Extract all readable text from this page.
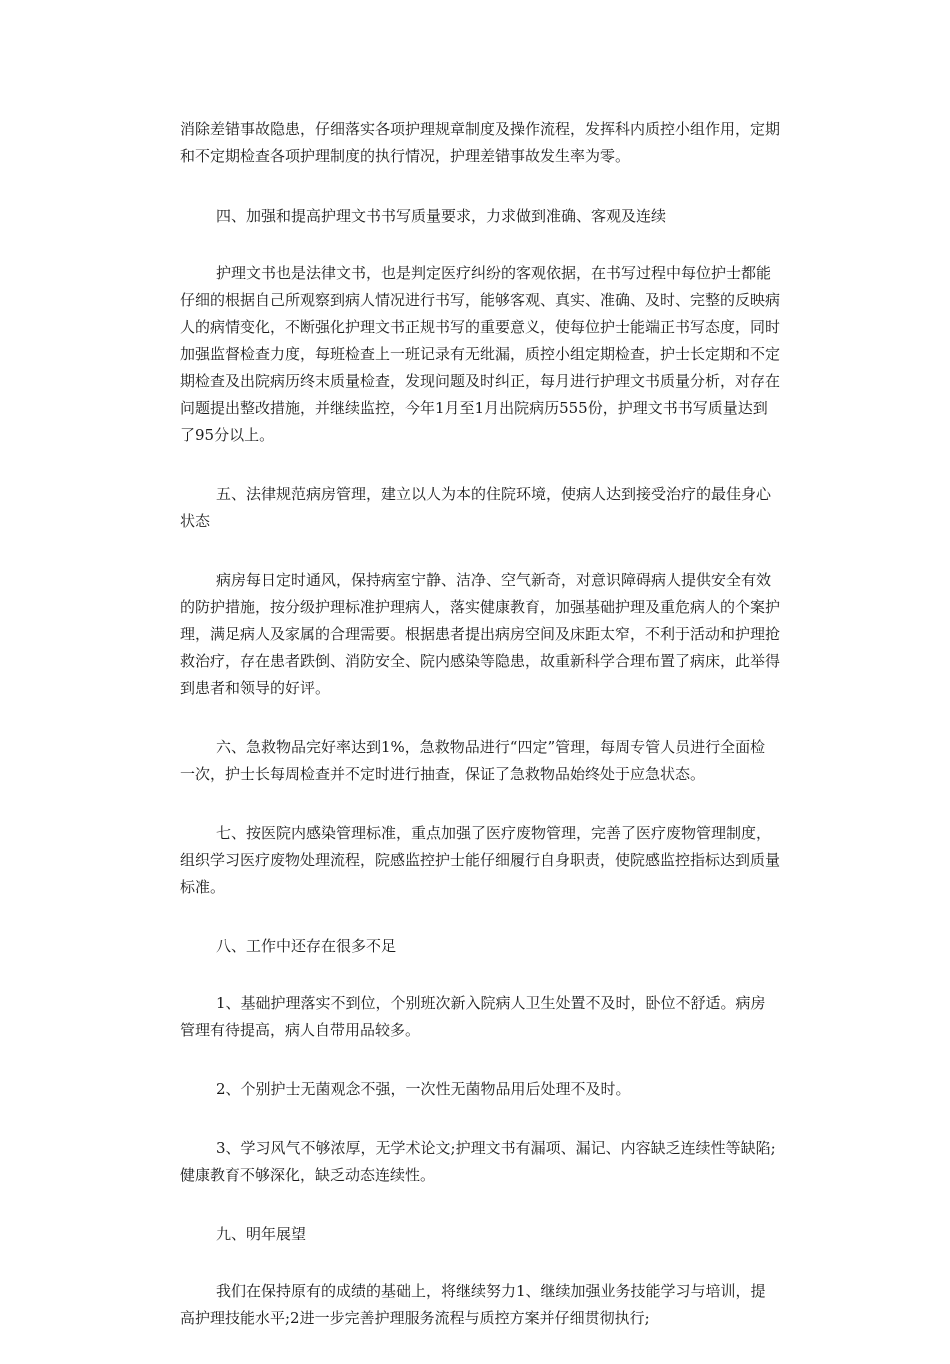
消除差错事故隐患，仔细落实各项护理规章制度及操作流程，发挥科内质控小组作用，定期和不定期检查各项护理制度的执行情况，护理差错事故发生率为零。

四、加强和提高护理文书书写质量要求，力求做到准确、客观及连续

护理文书也是法律文书，也是判定医疗纠纷的客观依据，在书写过程中每位护士都能仔细的根据自己所观察到病人情况进行书写，能够客观、真实、准确、及时、完整的反映病人的病情变化，不断强化护理文书正规书写的重要意义，使每位护士能端正书写态度，同时加强监督检查力度，每班检查上一班记录有无纰漏，质控小组定期检查，护士长定期和不定期检查及出院病历终末质量检查，发现问题及时纠正，每月进行护理文书质量分析，对存在问题提出整改措施，并继续监控，今年1月至1月出院病历555份，护理文书书写质量达到了95分以上。

五、法律规范病房管理，建立以人为本的住院环境，使病人达到接受治疗的最佳身心状态

病房每日定时通风，保持病室宁静、洁净、空气新奇，对意识障碍病人提供安全有效的防护措施，按分级护理标准护理病人，落实健康教育，加强基础护理及重危病人的个案护理，满足病人及家属的合理需要。根据患者提出病房空间及床距太窄，不利于活动和护理抢救治疗，存在患者跌倒、消防安全、院内感染等隐患，故重新科学合理布置了病床，此举得到患者和领导的好评。

六、急救物品完好率达到1%，急救物品进行“四定”管理，每周专管人员进行全面检一次，护士长每周检查并不定时进行抽查，保证了急救物品始终处于应急状态。

七、按医院内感染管理标准，重点加强了医疗废物管理，完善了医疗废物管理制度，组织学习医疗废物处理流程，院感监控护士能仔细履行自身职责，使院感监控指标达到质量标准。

八、工作中还存在很多不足

1、基础护理落实不到位，个别班次新入院病人卫生处置不及时，卧位不舒适。病房管理有待提高，病人自带用品较多。

2、个别护士无菌观念不强，一次性无菌物品用后处理不及时。

3、学习风气不够浓厚，无学术论文;护理文书有漏项、漏记、内容缺乏连续性等缺陷;健康教育不够深化，缺乏动态连续性。

九、明年展望

我们在保持原有的成绩的基础上，将继续努力1、继续加强业务技能学习与培训，提高护理技能水平;2进一步完善护理服务流程与质控方案并仔细贯彻执行;
